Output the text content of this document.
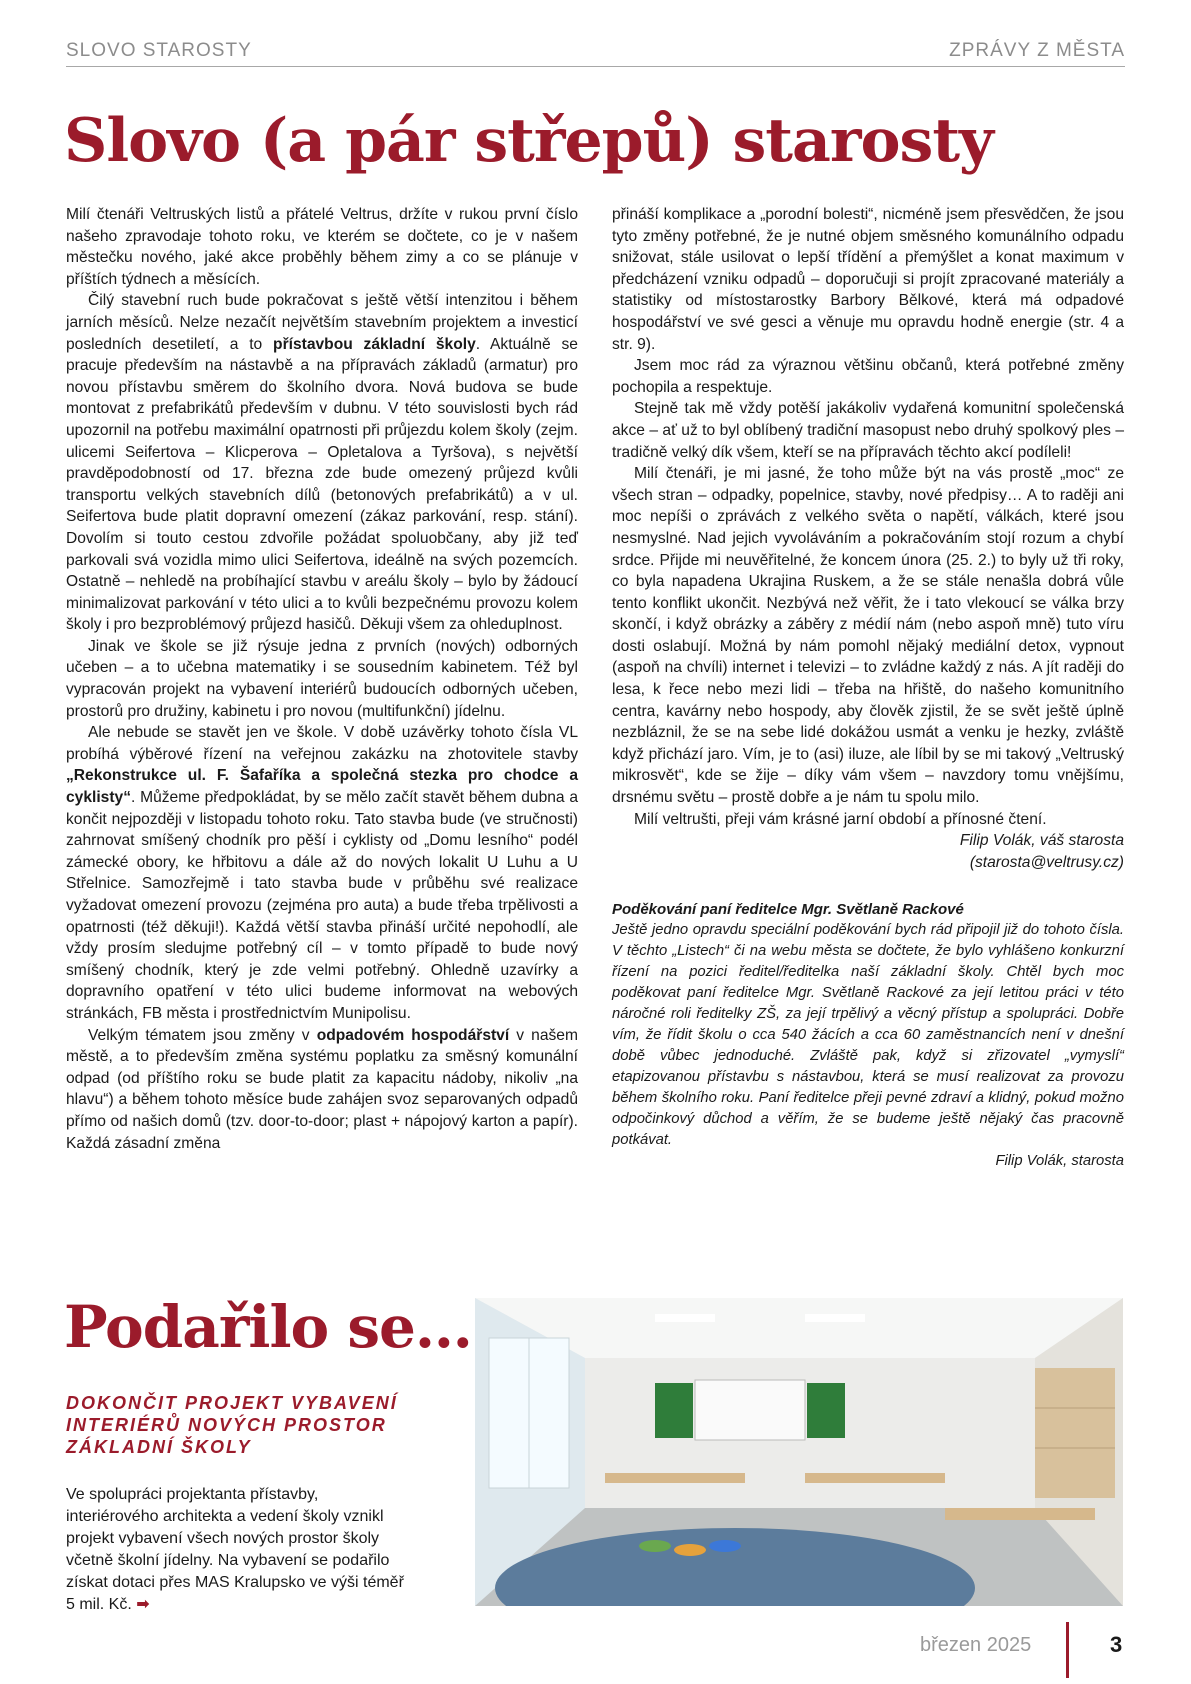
SLOVO STAROSTY	ZPRÁVY Z MĚSTA
Slovo (a pár střepů) starosty

Milí čtenáři Veltruských listů a přátelé Veltrus, držíte v rukou první číslo našeho zpravodaje tohoto roku, ve kterém se dočtete, co je v našem městečku nového, jaké akce proběhly během zimy a co se plánuje v příštích týdnech a měsících.

Čilý stavební ruch bude pokračovat s ještě větší intenzitou i během jarních měsíců. Nelze nezačít největším stavebním projektem a investicí posledních desetiletí, a to přístavbou základní školy. Aktuálně se pracuje především na nástavbě a na přípravách základů (armatur) pro novou přístavbu směrem do školního dvora. Nová budova se bude montovat z prefabrikátů především v dubnu. V této souvislosti bych rád upozornil na potřebu maximální opatrnosti při průjezdu kolem školy (zejm. ulicemi Seifertova – Klicperova – Opletalova a Tyršova), s největší pravděpodobností od 17. března zde bude omezený průjezd kvůli transportu velkých stavebních dílů (betonových prefabrikátů) a v ul. Seifertova bude platit dopravní omezení (zákaz parkování, resp. stání). Dovolím si touto cestou zdvořile požádat spoluobčany, aby již teď parkovali svá vozidla mimo ulici Seifertova, ideálně na svých pozemcích. Ostatně – nehledě na probíhající stavbu v areálu školy – bylo by žádoucí minimalizovat parkování v této ulici a to kvůli bezpečnému provozu kolem školy i pro bezproblémový průjezd hasičů. Děkuji všem za ohleduplnost.

Jinak ve škole se již rýsuje jedna z prvních (nových) odborných učeben – a to učebna matematiky i se sousedním kabinetem. Též byl vypracován projekt na vybavení interiérů budoucích odborných učeben, prostorů pro družiny, kabinetu i pro novou (multifunkční) jídelnu.

Ale nebude se stavět jen ve škole. V době uzávěrky tohoto čísla VL probíhá výběrové řízení na veřejnou zakázku na zhotovitele stavby „Rekonstrukce ul. F. Šafaříka a společná stezka pro chodce a cyklisty“. Můžeme předpokládat, by se mělo začít stavět během dubna a končit nejpozději v listopadu tohoto roku. Tato stavba bude (ve stručnosti) zahrnovat smíšený chodník pro pěší i cyklisty od „Domu lesního“ podél zámecké obory, ke hřbitovu a dále až do nových lokalit U Luhu a U Střelnice. Samozřejmě i tato stavba bude v průběhu své realizace vyžadovat omezení provozu (zejména pro auta) a bude třeba trpělivosti a opatrnosti (též děkuji!). Každá větší stavba přináší určité nepohodlí, ale vždy prosím sledujme potřebný cíl – v tomto případě to bude nový smíšený chodník, který je zde velmi potřebný. Ohledně uzavírky a dopravního opatření v této ulici budeme informovat na webových stránkách, FB města i prostřednictvím Munipolisu.

Velkým tématem jsou změny v odpadovém hospodářství v našem městě, a to především změna systému poplatku za směsný komunální odpad (od příštího roku se bude platit za kapacitu nádoby, nikoliv „na hlavu“) a během tohoto měsíce bude zahájen svoz separovaných odpadů přímo od našich domů (tzv. door-to-door; plast + nápojový karton a papír). Každá zásadní změna

přináší komplikace a „porodní bolesti“, nicméně jsem přesvědčen, že jsou tyto změny potřebné, že je nutné objem směsného komunálního odpadu snižovat, stále usilovat o lepší třídění a přemýšlet a konat maximum v předcházení vzniku odpadů – doporučuji si projít zpracované materiály a statistiky od místostarostky Barbory Bělkové, která má odpadové hospodářství ve své gesci a věnuje mu opravdu hodně energie (str. 4 a str. 9).

Jsem moc rád za výraznou většinu občanů, která potřebné změny pochopila a respektuje.

Stejně tak mě vždy potěší jakákoliv vydařená komunitní společenská akce – ať už to byl oblíbený tradiční masopust nebo druhý spolkový ples – tradičně velký dík všem, kteří se na přípravách těchto akcí podíleli!

Milí čtenáři, je mi jasné, že toho může být na vás prostě „moc“ ze všech stran – odpadky, popelnice, stavby, nové předpisy… A to raději ani moc nepíši o zprávách z velkého světa o napětí, válkách, které jsou nesmyslné. Nad jejich vyvoláváním a pokračováním stojí rozum a chybí srdce. Přijde mi neuvěřitelné, že koncem února (25. 2.) to byly už tři roky, co byla napadena Ukrajina Ruskem, a že se stále nenašla dobrá vůle tento konflikt ukončit. Nezbývá než věřit, že i tato vlekoucí se válka brzy skončí, i když obrázky a záběry z médií nám (nebo aspoň mně) tuto víru dosti oslabují. Možná by nám pomohl nějaký mediální detox, vypnout (aspoň na chvíli) internet i televizi – to zvládne každý z nás. A jít raději do lesa, k řece nebo mezi lidi – třeba na hřiště, do našeho komunitního centra, kavárny nebo hospody, aby člověk zjistil, že se svět ještě úplně nezbláznil, že se na sebe lidé dokážou usmát a venku je hezky, zvláště když přichází jaro. Vím, je to (asi) iluze, ale líbil by se mi takový „Veltruský mikrosvět“, kde se žije – díky vám všem – navzdory tomu vnějšímu, drsnému světu – prostě dobře a je nám tu spolu milo.

Milí veltrušti, přeji vám krásné jarní období a přínosné čtení.

Filip Volák, váš starosta

(starosta@veltrusy.cz)

Poděkování paní ředitelce Mgr. Světlaně Rackové

Ještě jedno opravdu speciální poděkování bych rád připojil již do tohoto čísla. V těchto „Listech“ či na webu města se dočtete, že bylo vyhlášeno konkurzní řízení na pozici ředitel/ředitelka naší základní školy. Chtěl bych moc poděkovat paní ředitelce Mgr. Světlaně Rackové za její letitou práci v této náročné roli ředitelky ZŠ, za její trpělivý a věcný přístup a spolupráci. Dobře vím, že řídit školu o cca 540 žácích a cca 60 zaměstnancích není v dnešní době vůbec jednoduché. Zvláště pak, když si zřizovatel „vymyslí“ etapizovanou přístavbu s nástavbou, která se musí realizovat za provozu během školního roku. Paní ředitelce přeji pevné zdraví a klidný, pokud možno odpočinkový důchod a věřím, že se budeme ještě nějaký čas pracovně potkávat.

Filip Volák, starosta

Podařilo se…
DOKONČIT PROJEKT VYBAVENÍ INTERIÉRŮ NOVÝCH PROSTOR ZÁKLADNÍ ŠKOLY

Ve spolupráci projektanta přístavby, interiérového architekta a vedení školy vznikl projekt vybavení všech nových prostor školy včetně školní jídelny. Na vybavení se podařilo získat dotaci přes MAS Kralupsko ve výši téměř 5 mil. Kč. ➡

březen 2025	3
